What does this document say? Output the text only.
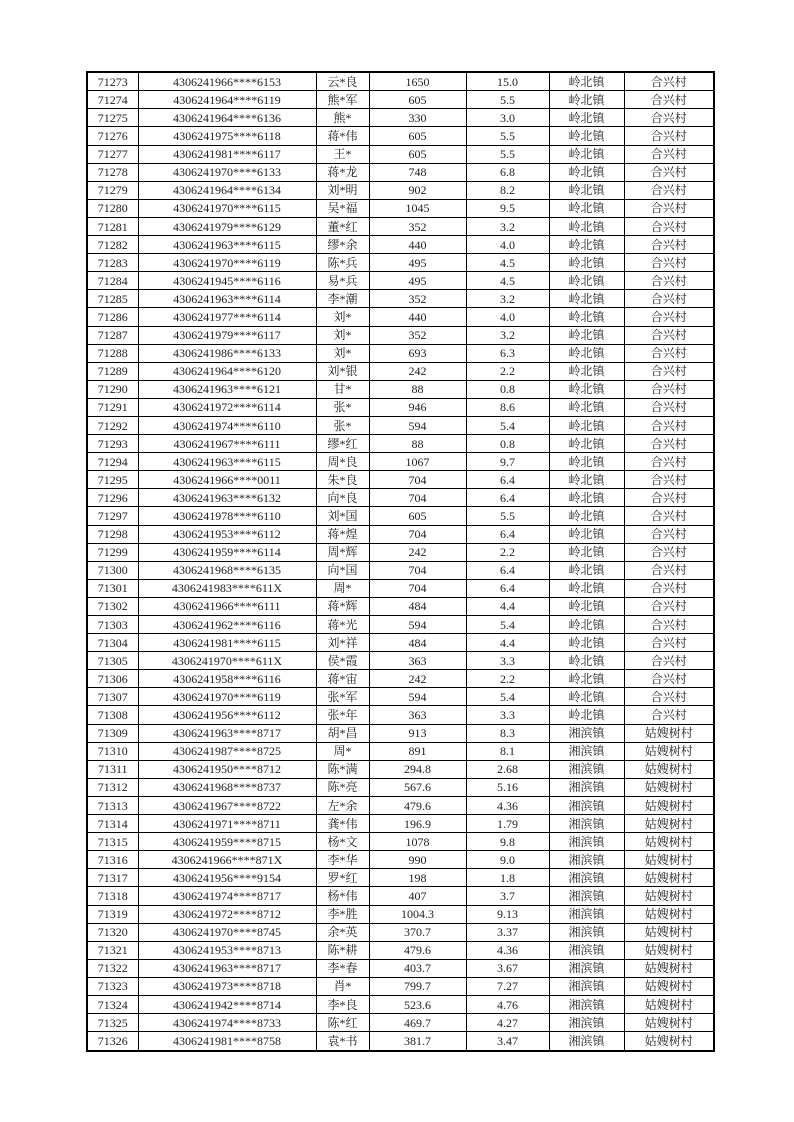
71273	4306241966****6153	云*良	1650	15.0	岭北镇	合兴村
71274	4306241964****6119	熊*军	605	5.5	岭北镇	合兴村
71275	4306241964****6136	熊*	330	3.0	岭北镇	合兴村
71276	4306241975****6118	蒋*伟	605	5.5	岭北镇	合兴村
71277	4306241981****6117	王*	605	5.5	岭北镇	合兴村
71278	4306241970****6133	蒋*龙	748	6.8	岭北镇	合兴村
71279	4306241964****6134	刘*明	902	8.2	岭北镇	合兴村
71280	4306241970****6115	吴*福	1045	9.5	岭北镇	合兴村
71281	4306241979****6129	董*红	352	3.2	岭北镇	合兴村
71282	4306241963****6115	缪*余	440	4.0	岭北镇	合兴村
71283	4306241970****6119	陈*兵	495	4.5	岭北镇	合兴村
71284	4306241945****6116	易*兵	495	4.5	岭北镇	合兴村
71285	4306241963****6114	李*潮	352	3.2	岭北镇	合兴村
71286	4306241977****6114	刘*	440	4.0	岭北镇	合兴村
71287	4306241979****6117	刘*	352	3.2	岭北镇	合兴村
71288	4306241986****6133	刘*	693	6.3	岭北镇	合兴村
71289	4306241964****6120	刘*银	242	2.2	岭北镇	合兴村
71290	4306241963****6121	甘*	88	0.8	岭北镇	合兴村
71291	4306241972****6114	张*	946	8.6	岭北镇	合兴村
71292	4306241974****6110	张*	594	5.4	岭北镇	合兴村
71293	4306241967****6111	缪*红	88	0.8	岭北镇	合兴村
71294	4306241963****6115	周*良	1067	9.7	岭北镇	合兴村
71295	4306241966****0011	朱*良	704	6.4	岭北镇	合兴村
71296	4306241963****6132	向*良	704	6.4	岭北镇	合兴村
71297	4306241978****6110	刘*国	605	5.5	岭北镇	合兴村
71298	4306241953****6112	蒋*煌	704	6.4	岭北镇	合兴村
71299	4306241959****6114	周*辉	242	2.2	岭北镇	合兴村
71300	4306241968****6135	向*国	704	6.4	岭北镇	合兴村
71301	4306241983****611X	周*	704	6.4	岭北镇	合兴村
71302	4306241966****6111	蒋*辉	484	4.4	岭北镇	合兴村
71303	4306241962****6116	蒋*光	594	5.4	岭北镇	合兴村
71304	4306241981****6115	刘*祥	484	4.4	岭北镇	合兴村
71305	4306241970****611X	侯*霞	363	3.3	岭北镇	合兴村
71306	4306241958****6116	蒋*宙	242	2.2	岭北镇	合兴村
71307	4306241970****6119	张*军	594	5.4	岭北镇	合兴村
71308	4306241956****6112	张*年	363	3.3	岭北镇	合兴村
71309	4306241963****8717	胡*昌	913	8.3	湘滨镇	姑嫂树村
71310	4306241987****8725	周*	891	8.1	湘滨镇	姑嫂树村
71311	4306241950****8712	陈*满	294.8	2.68	湘滨镇	姑嫂树村
71312	4306241968****8737	陈*亮	567.6	5.16	湘滨镇	姑嫂树村
71313	4306241967****8722	左*余	479.6	4.36	湘滨镇	姑嫂树村
71314	4306241971****8711	龚*伟	196.9	1.79	湘滨镇	姑嫂树村
71315	4306241959****8715	杨*文	1078	9.8	湘滨镇	姑嫂树村
71316	4306241966****871X	李*华	990	9.0	湘滨镇	姑嫂树村
71317	4306241956****9154	罗*红	198	1.8	湘滨镇	姑嫂树村
71318	4306241974****8717	杨*伟	407	3.7	湘滨镇	姑嫂树村
71319	4306241972****8712	李*胜	1004.3	9.13	湘滨镇	姑嫂树村
71320	4306241970****8745	余*英	370.7	3.37	湘滨镇	姑嫂树村
71321	4306241953****8713	陈*耕	479.6	4.36	湘滨镇	姑嫂树村
71322	4306241963****8717	李*春	403.7	3.67	湘滨镇	姑嫂树村
71323	4306241973****8718	肖*	799.7	7.27	湘滨镇	姑嫂树村
71324	4306241942****8714	李*良	523.6	4.76	湘滨镇	姑嫂树村
71325	4306241974****8733	陈*红	469.7	4.27	湘滨镇	姑嫂树村
71326	4306241981****8758	袁*书	381.7	3.47	湘滨镇	姑嫂树村
